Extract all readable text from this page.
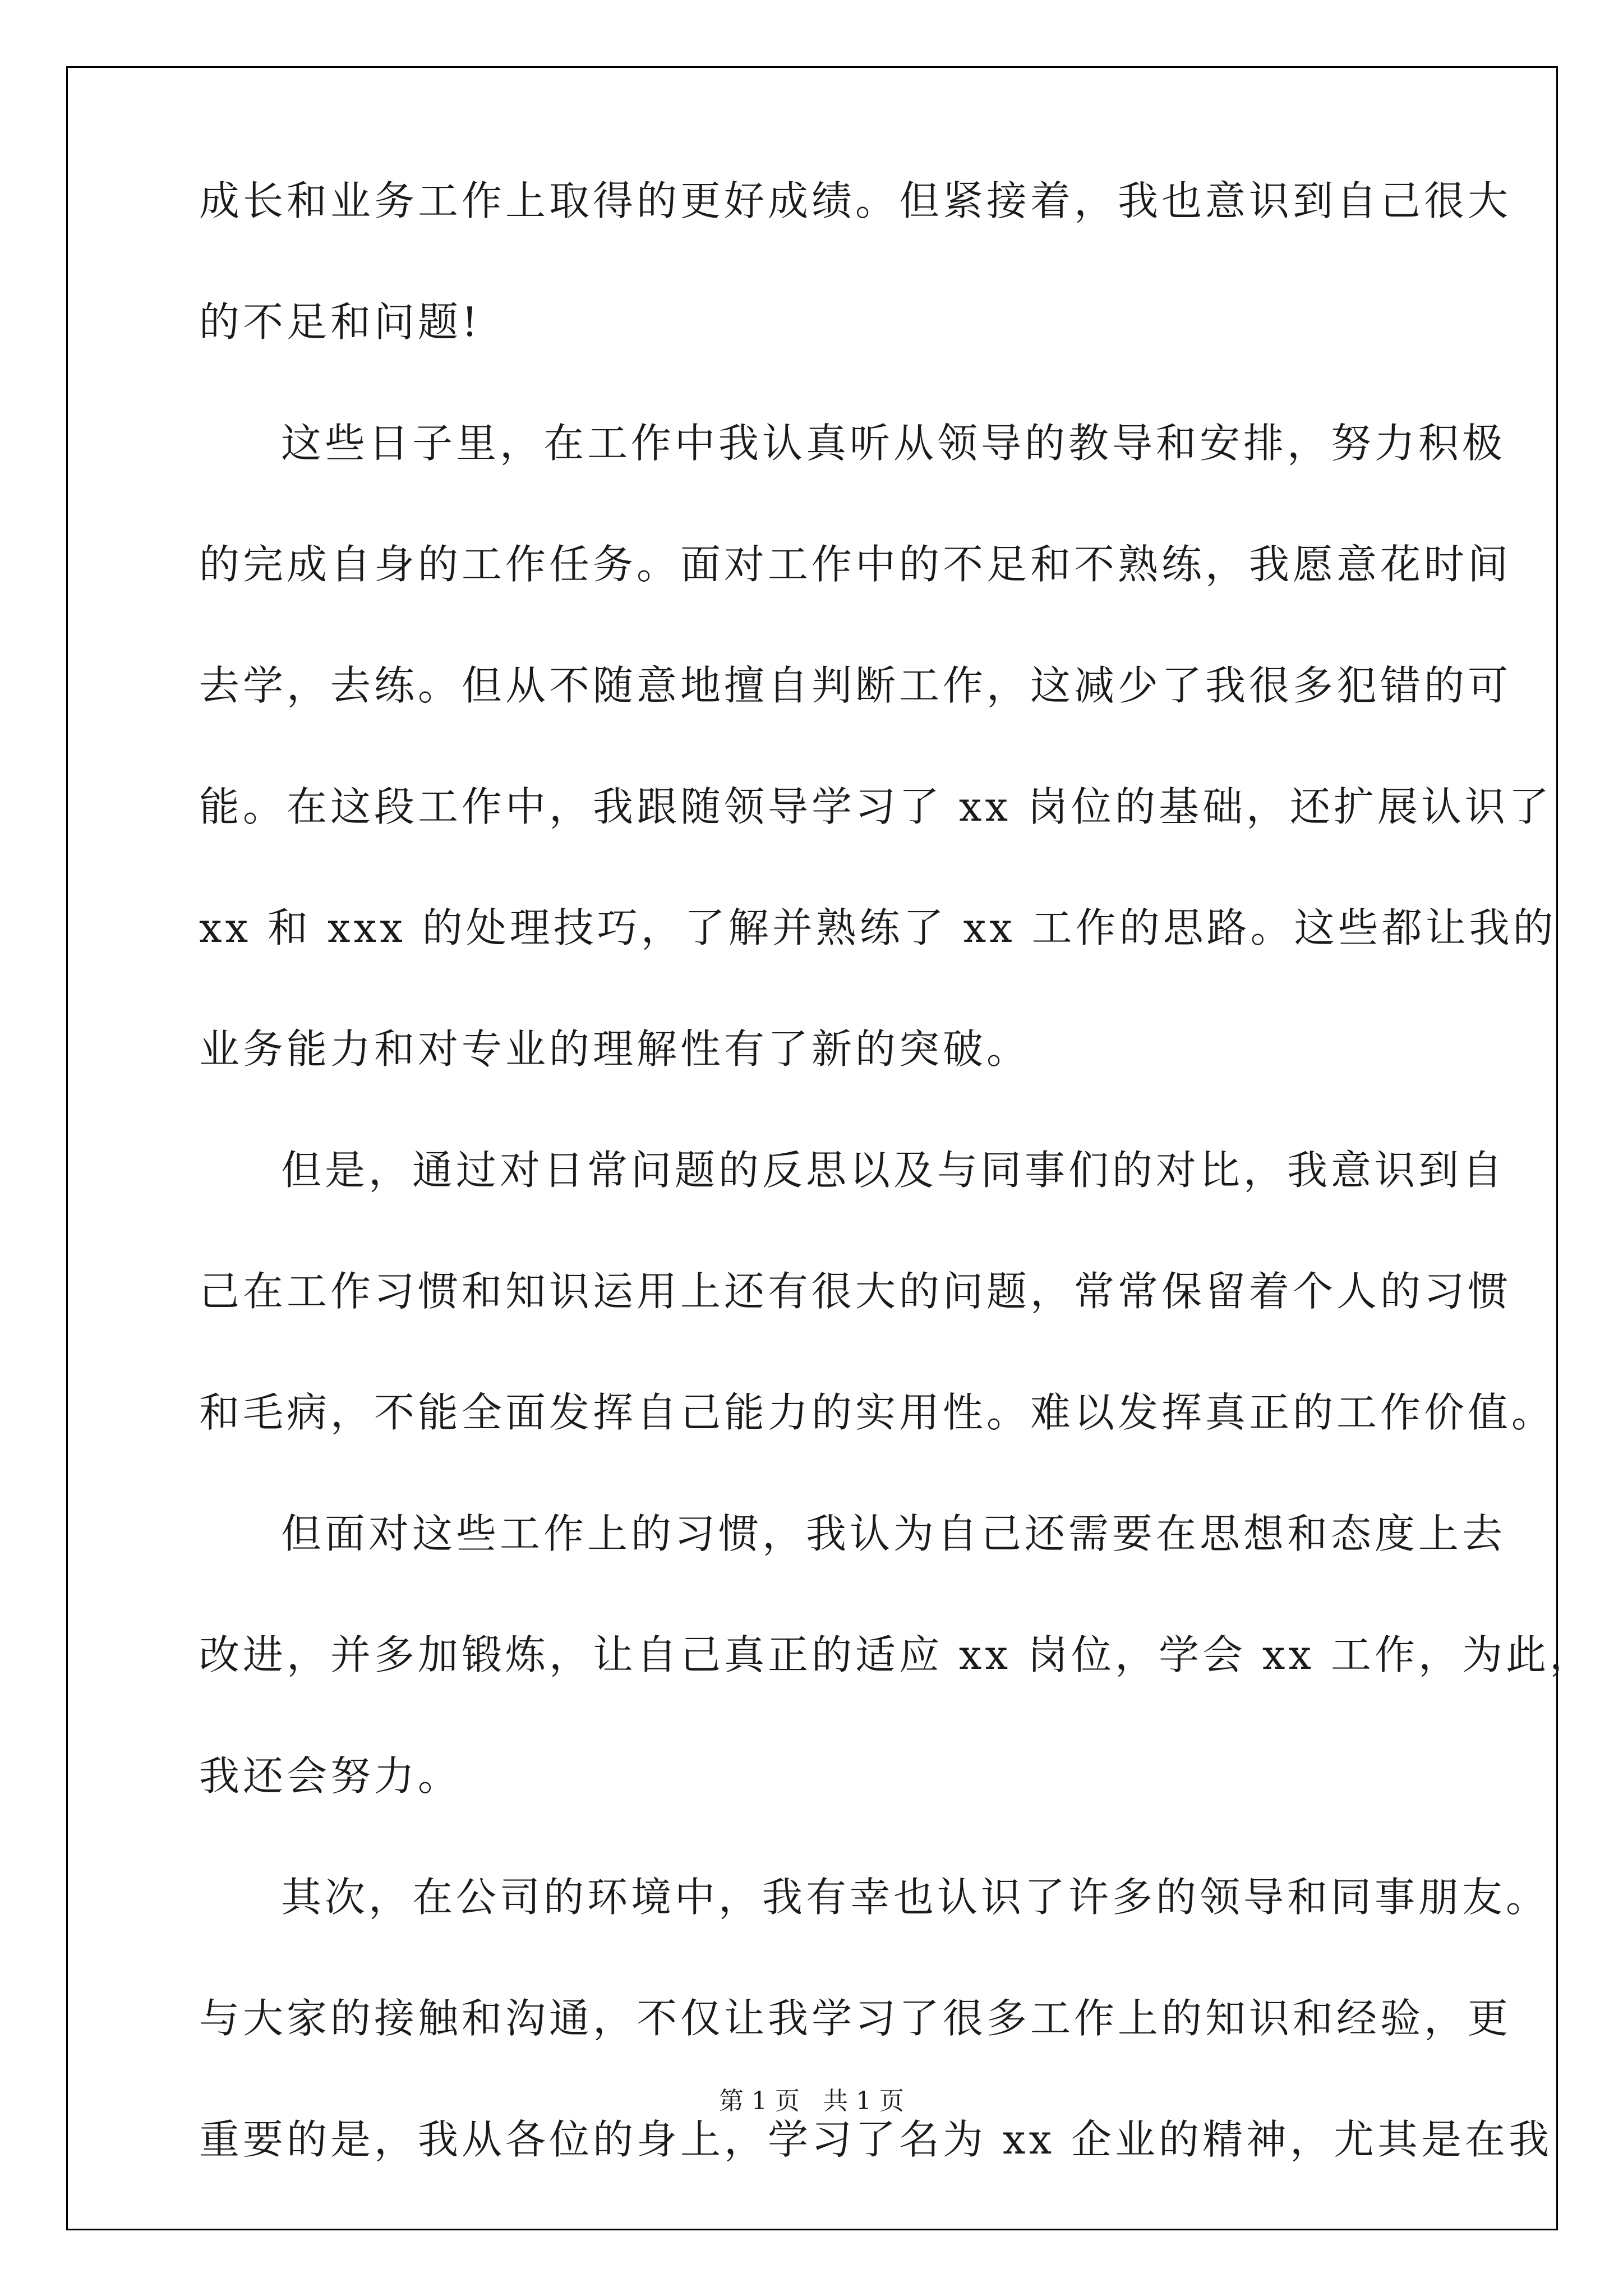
成长和业务工作上取得的更好成绩。但紧接着，我也意识到自己很大
的不足和问题!
这些日子里，在工作中我认真听从领导的教导和安排，努力积极
的完成自身的工作任务。面对工作中的不足和不熟练，我愿意花时间
去学，去练。但从不随意地擅自判断工作，这减少了我很多犯错的可
能。在这段工作中，我跟随领导学习了 xx 岗位的基础，还扩展认识了
xx 和 xxx 的处理技巧，了解并熟练了 xx 工作的思路。这些都让我的
业务能力和对专业的理解性有了新的突破。
但是，通过对日常问题的反思以及与同事们的对比，我意识到自
己在工作习惯和知识运用上还有很大的问题，常常保留着个人的习惯
和毛病，不能全面发挥自己能力的实用性。难以发挥真正的工作价值。
但面对这些工作上的习惯，我认为自己还需要在思想和态度上去
改进，并多加锻炼，让自己真正的适应 xx 岗位，学会 xx 工作，为此，
我还会努力。
其次，在公司的环境中，我有幸也认识了许多的领导和同事朋友。
与大家的接触和沟通，不仅让我学习了很多工作上的知识和经验，更
重要的是，我从各位的身上，学习了名为 xx 企业的精神，尤其是在我
第 1 页   共 1 页
